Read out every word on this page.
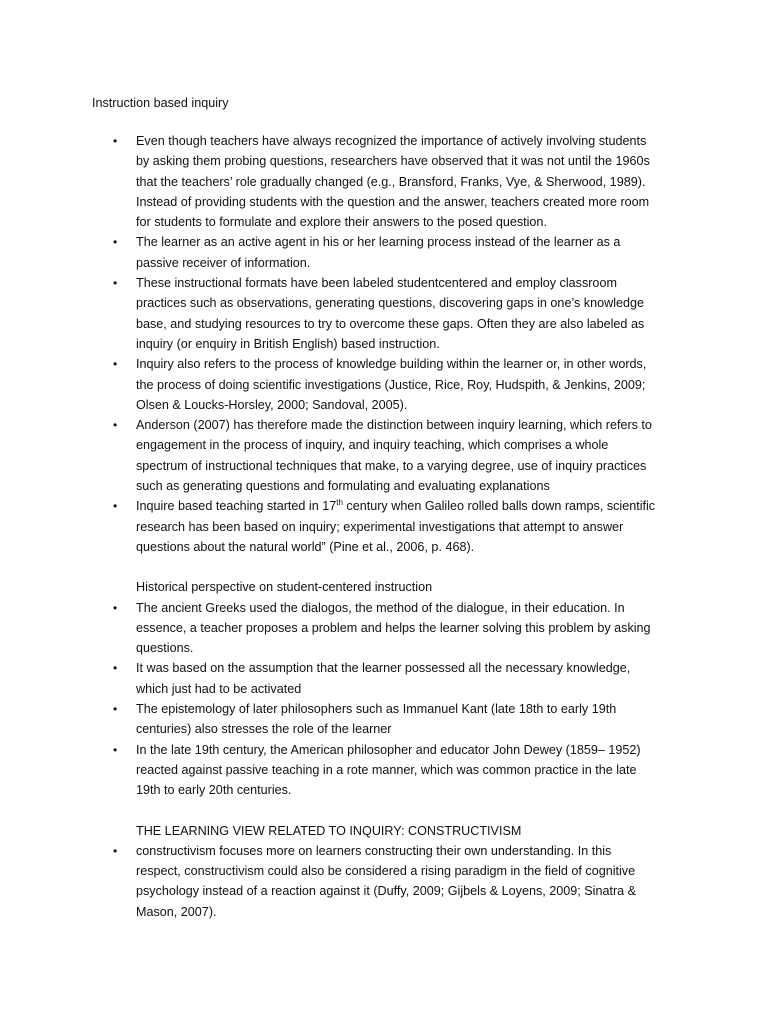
Instruction based inquiry
• Even though teachers have always recognized the importance of actively involving students by asking them probing questions, researchers have observed that it was not until the 1960s that the teachers’ role gradually changed (e.g., Bransford, Franks, Vye, & Sherwood, 1989). Instead of providing students with the question and the answer, teachers created more room for students to formulate and explore their answers to the posed question.
• The learner as an active agent in his or her learning process instead of the learner as a passive receiver of information.
• These instructional formats have been labeled studentcentered and employ classroom practices such as observations, generating questions, discovering gaps in one’s knowledge base, and studying resources to try to overcome these gaps. Often they are also labeled as inquiry (or enquiry in British English) based instruction.
• Inquiry also refers to the process of knowledge building within the learner or, in other words, the process of doing scientific investigations (Justice, Rice, Roy, Hudspith, & Jenkins, 2009; Olsen & Loucks-Horsley, 2000; Sandoval, 2005).
• Anderson (2007) has therefore made the distinction between inquiry learning, which refers to engagement in the process of inquiry, and inquiry teaching, which comprises a whole spectrum of instructional techniques that make, to a varying degree, use of inquiry practices such as generating questions and formulating and evaluating explanations
• Inquire based teaching started in 17th century when Galileo rolled balls down ramps, scientific research has been based on inquiry; experimental investigations that attempt to answer questions about the natural world” (Pine et al., 2006, p. 468).
Historical perspective on student-centered instruction
• The ancient Greeks used the dialogos, the method of the dialogue, in their education. In essence, a teacher proposes a problem and helps the learner solving this problem by asking questions.
• It was based on the assumption that the learner possessed all the necessary knowledge, which just had to be activated
• The epistemology of later philosophers such as Immanuel Kant (late 18th to early 19th centuries) also stresses the role of the learner
• In the late 19th century, the American philosopher and educator John Dewey (1859– 1952) reacted against passive teaching in a rote manner, which was common practice in the late 19th to early 20th centuries.
THE LEARNING VIEW RELATED TO INQUIRY: CONSTRUCTIVISM
• constructivism focuses more on learners constructing their own understanding. In this respect, constructivism could also be considered a rising paradigm in the field of cognitive psychology instead of a reaction against it (Duffy, 2009; Gijbels & Loyens, 2009; Sinatra & Mason, 2007).
